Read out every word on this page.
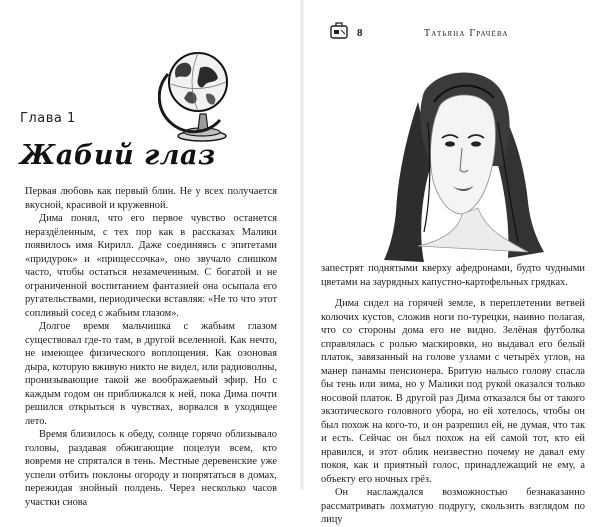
Глава 1
Жабий глаз

Первая любовь как первый блин. Не у всех получается вкусной, красивой и кружевной.

Дима понял, что его первое чувство останется нераздёленным, с тех пор как в рассказах Малики появилось имя Кирилл. Даже соединяясь с эпитетами «придурок» и «прищессочка», оно звучало слишком часто, чтобы остаться незамеченным. С богатой и не ограниченной воспитанием фантазией она осыпала его ругательствами, периодически вставляя: «Не то что этот сопливый сосед с жабьим глазом».

Долгое время мальчишка с жабьим глазом существовал где-то там, в другой вселенной. Как нечто, не имеющее физического воплощения. Как озоновая дыра, которую вживую никто не видел, или радиоволны, пронизывающие такой же воображаемый эфир. Но с каждым годом он приближался к ней, пока Дима почти решился открыться в чувствах, ворвался в уходящее лето.

Время близилось к обеду, солнце горячо облизывало головы, раздавая обжигающие поцелуи всем, кто вовремя не спрятался в тень. Местные деревенские уже успели отбить поклоны огороду и попрятаться в домах, пережидая знойный полдень. Через несколько часов участки снова

8	Татьяна Грачёва

запестрят поднятыми кверху афедронами, будто чудными цветами на заурядных капустно-картофельных грядках.

Дима сидел на горячей земле, в переплетении ветвей колючих кустов, сложив ноги по-турецки, наивно полагая, что со стороны дома его не видно. Зелёная футболка справлялась с ролью маскировки, но выдавал его белый платок, завязанный на голове узлами с четырёх углов, на манер панамы пенсионера. Бритую налысо голову спасла бы тень или зима, но у Малики под рукой оказался только носовой платок. В другой раз Дима отказался бы от такого экзотического головного убора, но ей хотелось, чтобы он был похож на кого-то, и он разрешил ей, не думая, что так и есть. Сейчас он был похож на ей самой тот, кто ей нравился, и этот облик неизвестно почему не давал ему покоя, как и приятный голос, принадлежащий не ему, а объекту его ночных грёз.

Он наслаждался возможностью безнаказанно рассматривать лохматую подругу, скользить взглядом по лицу
